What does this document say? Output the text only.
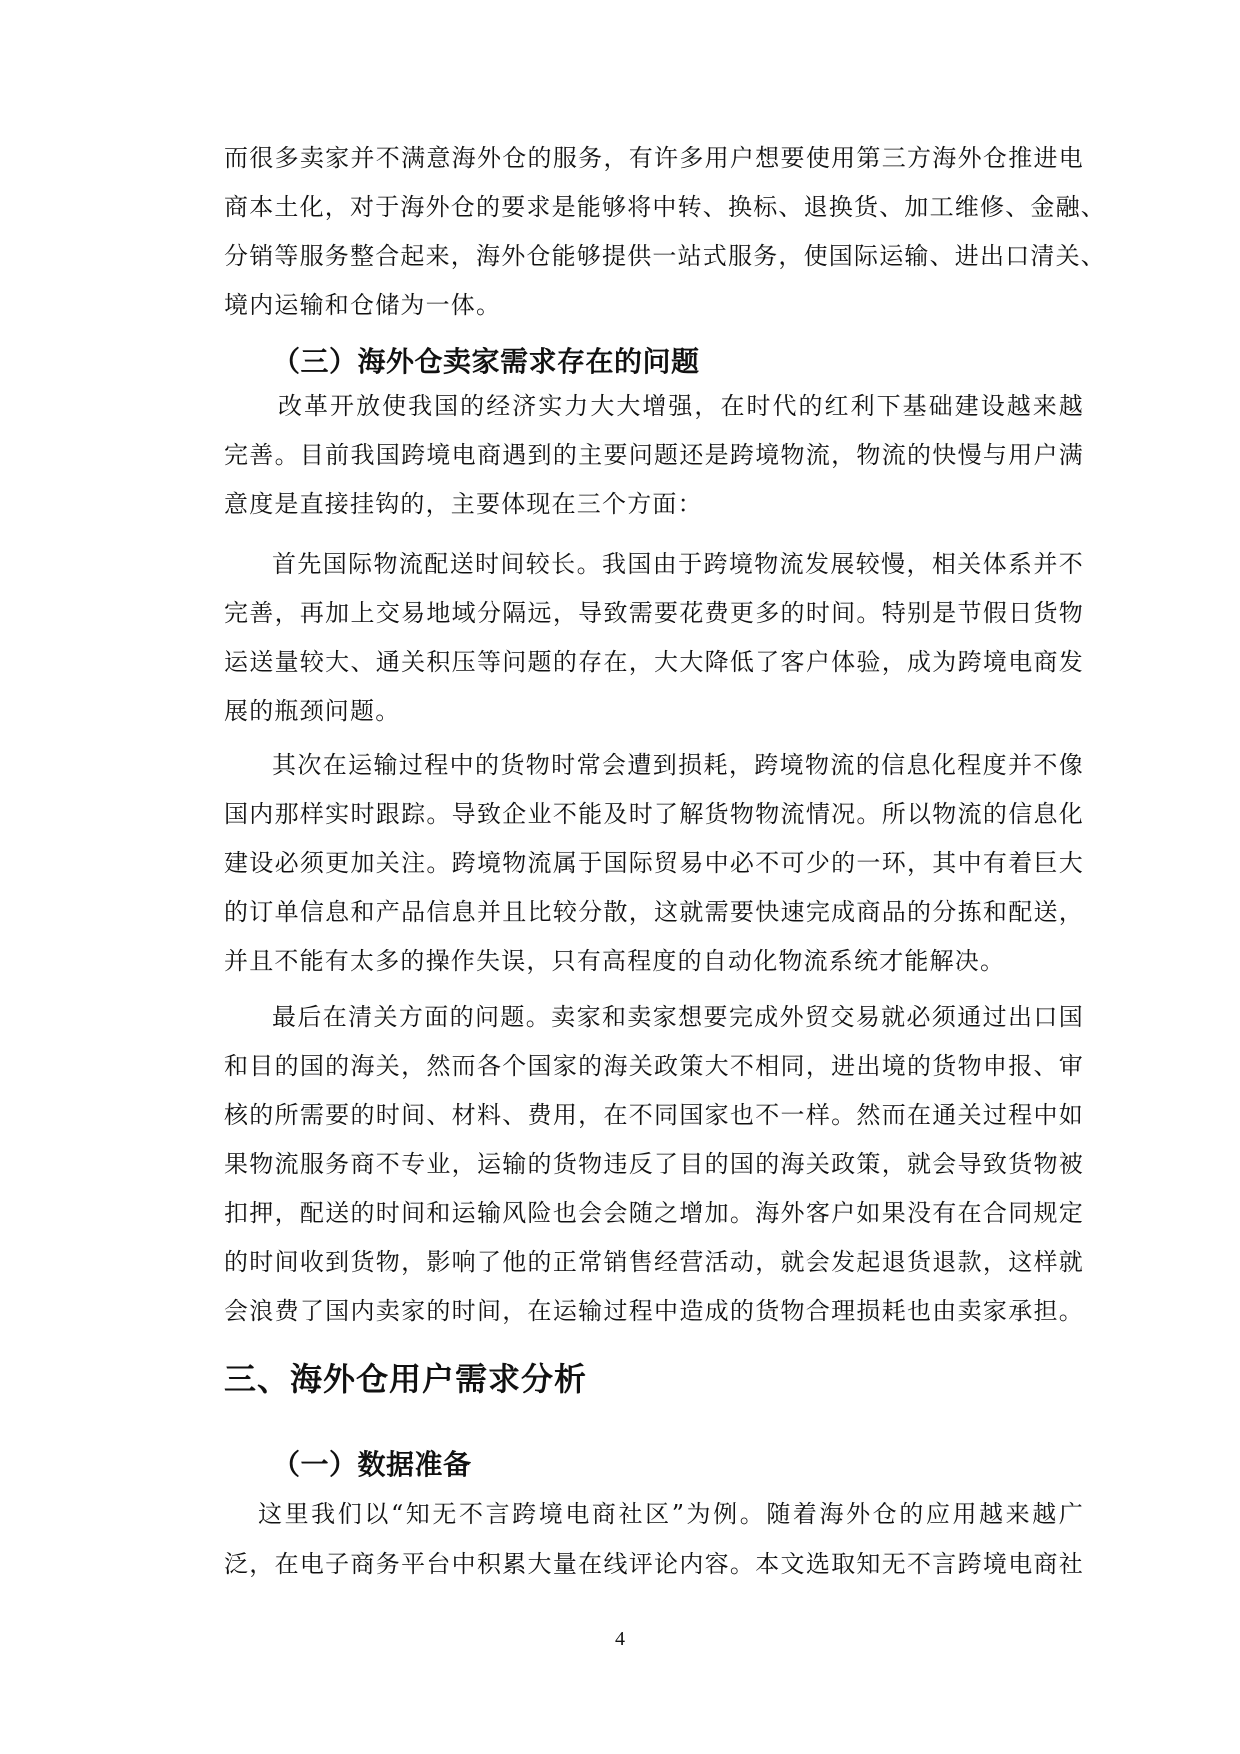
而很多卖家并不满意海外仓的服务，有许多用户想要使用第三方海外仓推进电
商本土化，对于海外仓的要求是能够将中转、换标、退换货、加工维修、金融、
分销等服务整合起来，海外仓能够提供一站式服务，使国际运输、进出口清关、
境内运输和仓储为一体。
（三）海外仓卖家需求存在的问题
改革开放使我国的经济实力大大增强，在时代的红利下基础建设越来越
完善。目前我国跨境电商遇到的主要问题还是跨境物流，物流的快慢与用户满
意度是直接挂钩的，主要体现在三个方面：
首先国际物流配送时间较长。我国由于跨境物流发展较慢，相关体系并不
完善，再加上交易地域分隔远，导致需要花费更多的时间。特别是节假日货物
运送量较大、通关积压等问题的存在，大大降低了客户体验，成为跨境电商发
展的瓶颈问题。
其次在运输过程中的货物时常会遭到损耗，跨境物流的信息化程度并不像
国内那样实时跟踪。导致企业不能及时了解货物物流情况。所以物流的信息化
建设必须更加关注。跨境物流属于国际贸易中必不可少的一环，其中有着巨大
的订单信息和产品信息并且比较分散，这就需要快速完成商品的分拣和配送，
并且不能有太多的操作失误，只有高程度的自动化物流系统才能解决。
最后在清关方面的问题。卖家和卖家想要完成外贸交易就必须通过出口国
和目的国的海关，然而各个国家的海关政策大不相同，进出境的货物申报、审
核的所需要的时间、材料、费用，在不同国家也不一样。然而在通关过程中如
果物流服务商不专业，运输的货物违反了目的国的海关政策，就会导致货物被
扣押，配送的时间和运输风险也会会随之增加。海外客户如果没有在合同规定
的时间收到货物，影响了他的正常销售经营活动，就会发起退货退款，这样就
会浪费了国内卖家的时间，在运输过程中造成的货物合理损耗也由卖家承担。
三、海外仓用户需求分析
（一）数据准备
这里我们以“知无不言跨境电商社区”为例。随着海外仓的应用越来越广
泛，在电子商务平台中积累大量在线评论内容。本文选取知无不言跨境电商社
4
